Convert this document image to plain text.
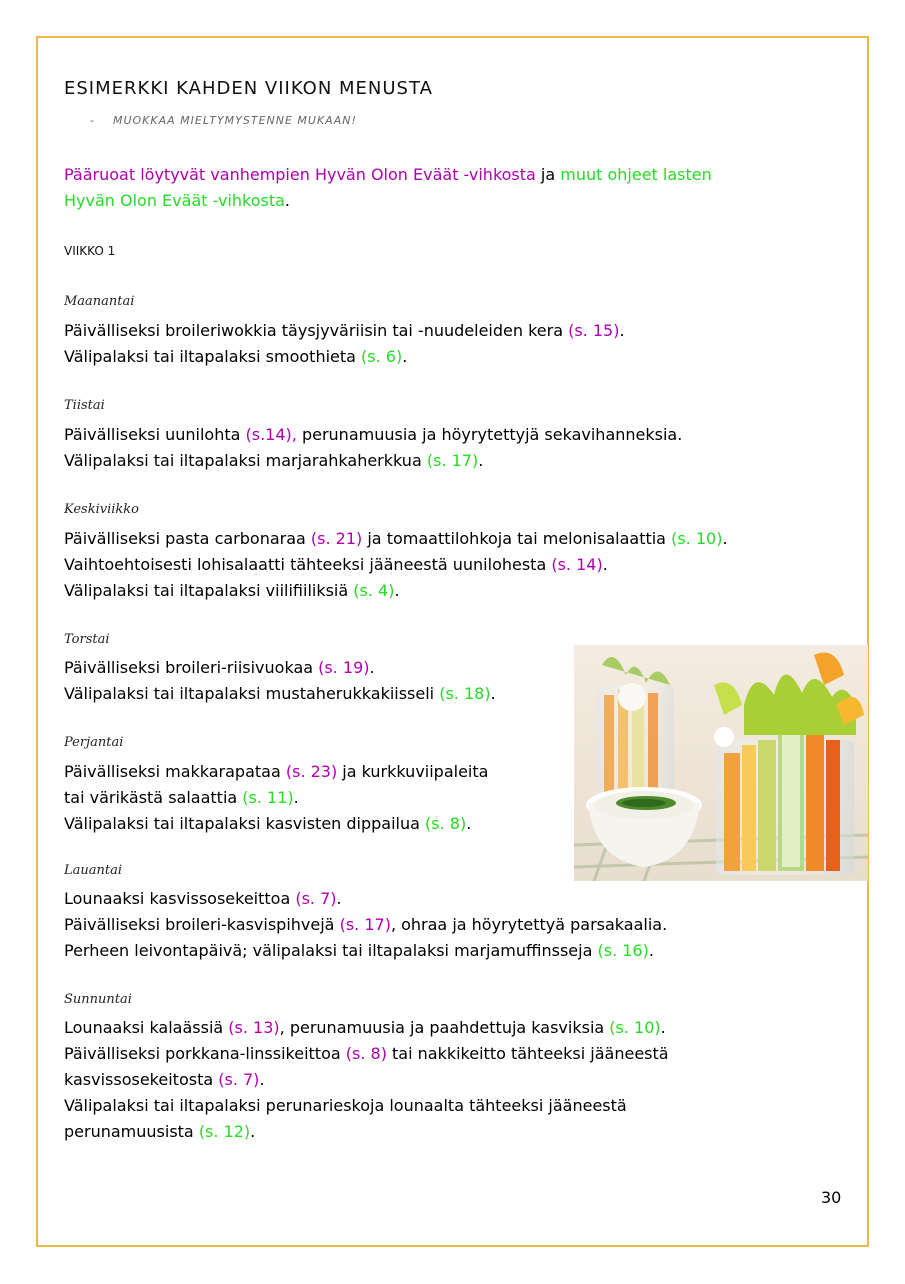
ESIMERKKI KAHDEN VIIKON MENUSTA
- MUOKKAA MIELTYMYSTENNE MUKAAN!
Pääruoat löytyvät vanhempien Hyvän Olon Eväät -vihkosta ja muut ohjeet lasten
Hyvän Olon Eväät -vihkosta.
VIIKKO 1
Maanantai
Päivälliseksi broileriwokkia täysjyväriisin tai -nuudeleiden kera (s. 15).
Välipalaksi tai iltapalaksi smoothieta (s. 6).
Tiistai
Päivälliseksi uunilohta (s.14), perunamuusia ja höyrytettyjä sekavihanneksia.
Välipalaksi tai iltapalaksi marjarahkaherkkua (s. 17).
Keskiviikko
Päivälliseksi pasta carbonaraa (s. 21) ja tomaattilohkoja tai melonisalaattia (s. 10).
Vaihtoehtoisesti lohisalaatti tähteeksi jääneestä uunilohesta (s. 14).
Välipalaksi tai iltapalaksi viilifiiliksiä (s. 4).
Torstai
Päivälliseksi broileri-riisivuokaa (s. 19).
Välipalaksi tai iltapalaksi mustaherukkakiisseli (s. 18).
Perjantai
Päivälliseksi makkarapataa (s. 23) ja kurkkuviipaleita
tai värikästä salaattia (s. 11).
Välipalaksi tai iltapalaksi kasvisten dippailua (s. 8).
Lauantai
Lounaaksi kasvissosekeittoa (s. 7).
Päivälliseksi broileri-kasvispihvejä (s. 17), ohraa ja höyrytettyä parsakaalia.
Perheen leivontapäivä; välipalaksi tai iltapalaksi marjamuffinsseja (s. 16).
Sunnuntai
Lounaaksi kalaässiä (s. 13), perunamuusia ja paahdettuja kasviksia (s. 10).
Päivälliseksi porkkana-linssikeittoa (s. 8) tai nakkikeitto tähteeksi jääneestä
kasvissosekeitosta (s. 7).
Välipalaksi tai iltapalaksi perunarieskoja lounaalta tähteeksi jääneestä
perunamuusista (s. 12).
30
